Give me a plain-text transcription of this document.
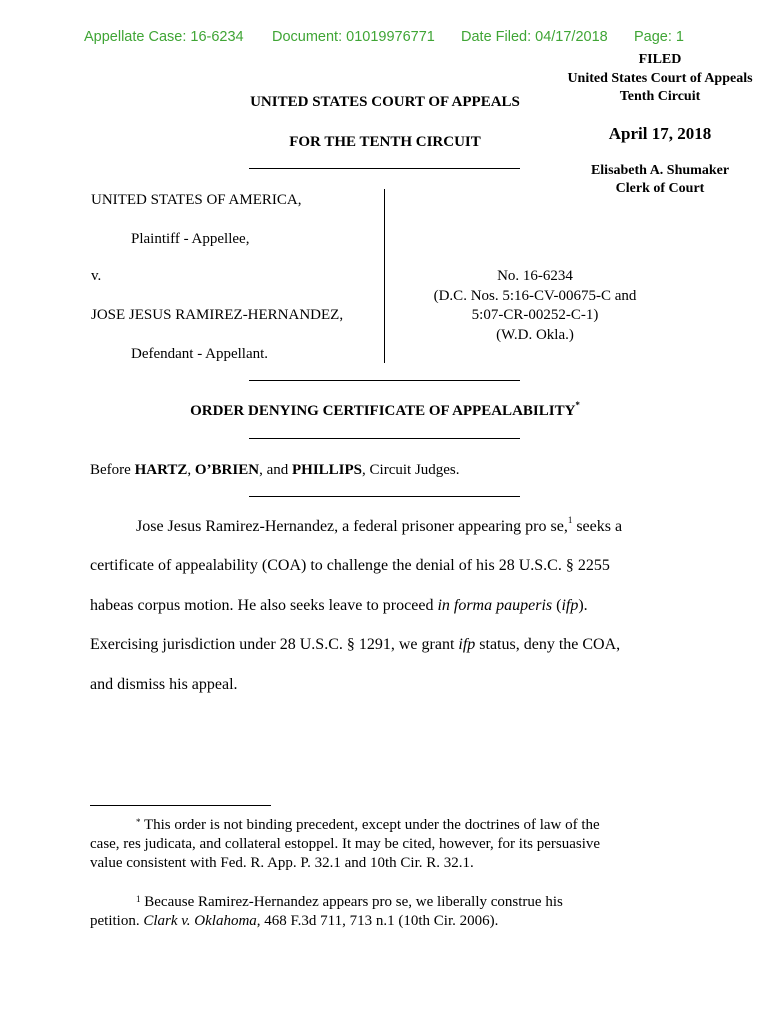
Appellate Case: 16-6234 Document: 01019976771 Date Filed: 04/17/2018 Page: 1
FILED
United States Court of Appeals
Tenth Circuit
April 17, 2018
Elisabeth A. Shumaker
Clerk of Court
UNITED STATES COURT OF APPEALS
FOR THE TENTH CIRCUIT
UNITED STATES OF AMERICA,
Plaintiff - Appellee,
v.
JOSE JESUS RAMIREZ-HERNANDEZ,
Defendant - Appellant.
No. 16-6234
(D.C. Nos. 5:16-CV-00675-C and
5:07-CR-00252-C-1)
(W.D. Okla.)
ORDER DENYING CERTIFICATE OF APPEALABILITY*
Before HARTZ, O’BRIEN, and PHILLIPS, Circuit Judges.
Jose Jesus Ramirez-Hernandez, a federal prisoner appearing pro se,$^1$ seeks a
certificate of appealability (COA) to challenge the denial of his 28 U.S.C. § 2255
habeas corpus motion. He also seeks leave to proceed in forma pauperis (ifp).
Exercising jurisdiction under 28 U.S.C. § 1291, we grant ifp status, deny the COA,
and dismiss his appeal.
* This order is not binding precedent, except under the doctrines of law of the
case, res judicata, and collateral estoppel. It may be cited, however, for its persuasive
value consistent with Fed. R. App. P. 32.1 and 10th Cir. R. 32.1.
$^1$ Because Ramirez-Hernandez appears pro se, we liberally construe his
petition. Clark v. Oklahoma, 468 F.3d 711, 713 n.1 (10th Cir. 2006).
